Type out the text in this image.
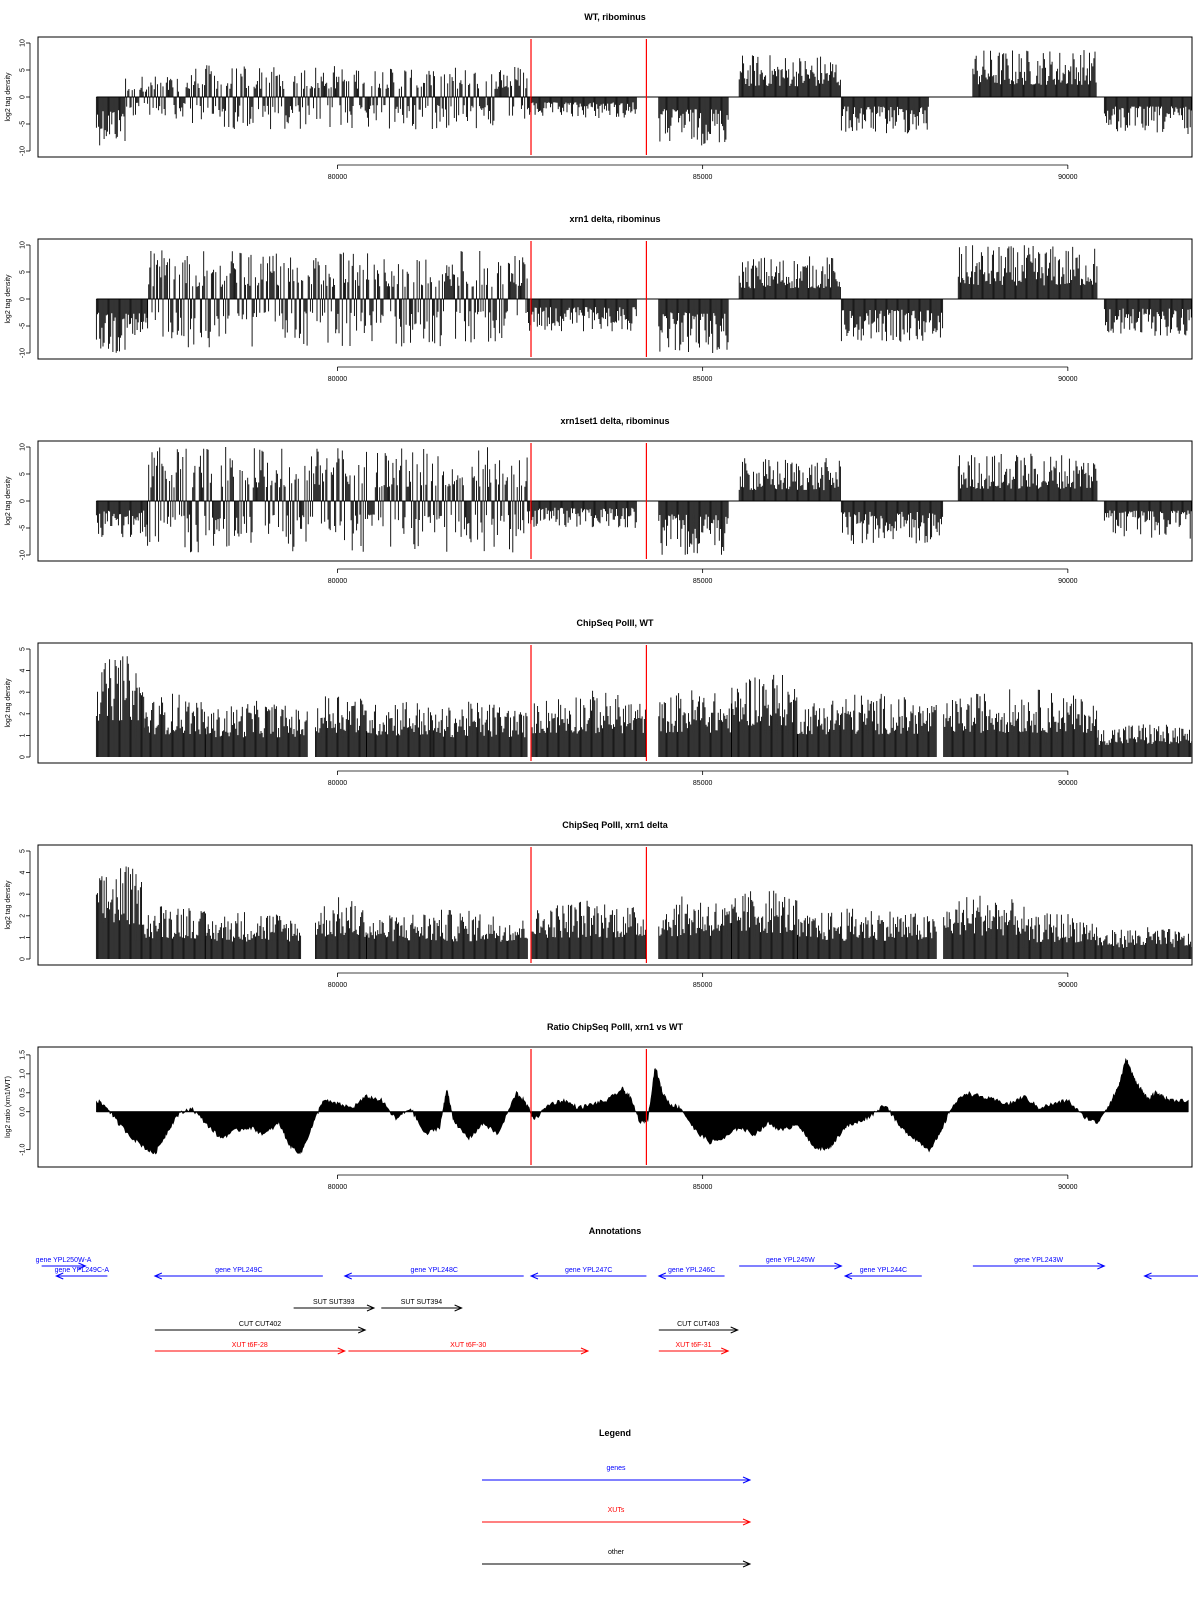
WT, ribominus
-10
-5
0
5
10
log2 tag density
80000	85000	90000
xrn1 delta, ribominus
-10
-5
0
5
10
log2 tag density
80000	85000	90000
xrn1set1 delta, ribominus
-10
-5
0
5
10
log2 tag density
80000	85000	90000
ChipSeq PolII, WT
0
1
2
3
4
5
log2 tag density
80000	85000	90000
ChipSeq PolII, xrn1 delta
0
1
2
3
4
5
log2 tag density
80000	85000	90000
Ratio ChipSeq PolII, xrn1 vs WT
-1.0
0.0
0.5
1.0
1.5
log2 ratio (xrn1/WT)
80000	85000	90000
Annotations
gene YPL250W-A
gene YPL249C-A	gene YPL249C	gene YPL248C	gene YPL247C	gene YPL246C
gene YPL245W
gene YPL244C
gene YPL243W
SUT SUT393	SUT SUT394
CUT CUT402	CUT CUT403
XUT t6F-28	XUT t6F-30	XUT t6F-31
Legend
genes
XUTs
other
